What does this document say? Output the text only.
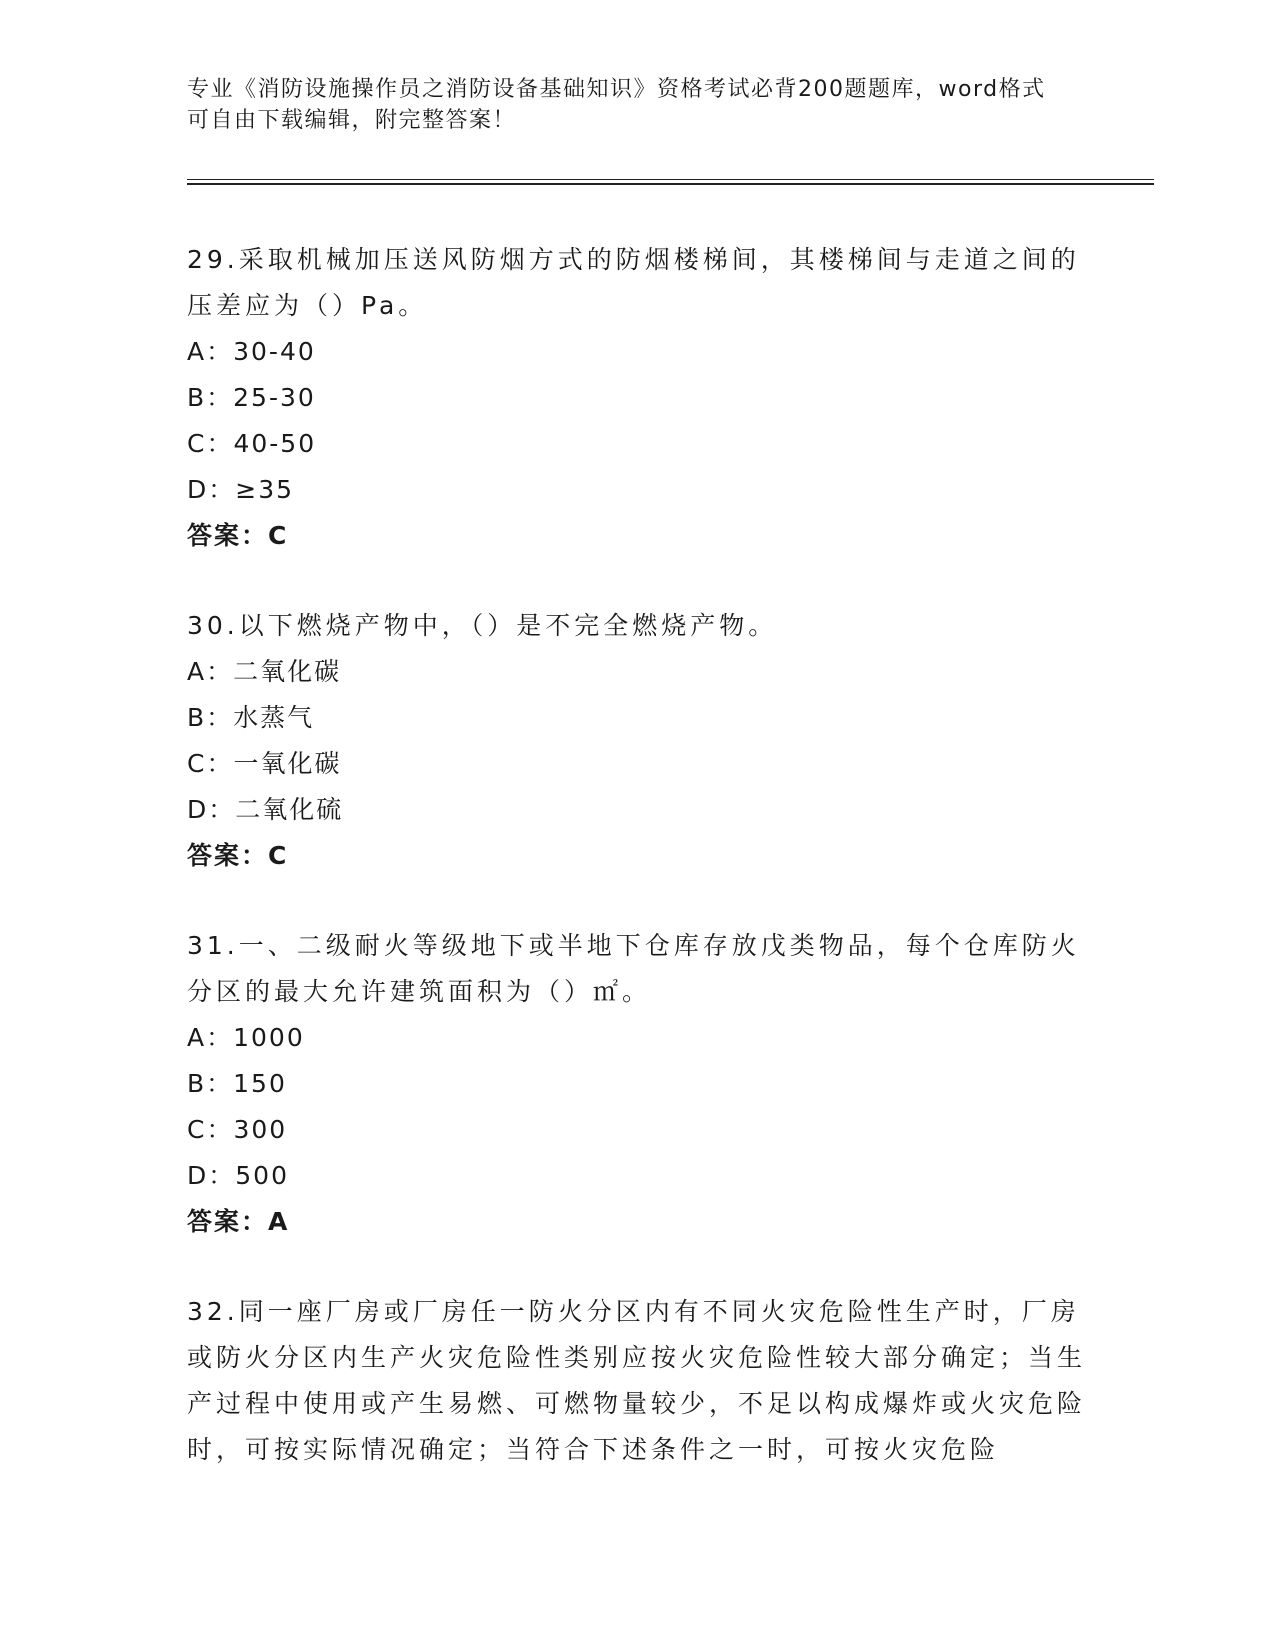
专业《消防设施操作员之消防设备基础知识》资格考试必背200题题库，word格式可自由下载编辑，附完整答案！

29.采取机械加压送风防烟方式的防烟楼梯间，其楼梯间与走道之间的压差应为（）Pa。

A：30-40

B：25-30

C：40-50

D：≥35

答案：C

30.以下燃烧产物中，（）是不完全燃烧产物。

A：二氧化碳

B：水蒸气

C：一氧化碳

D：二氧化硫

答案：C

31.一、二级耐火等级地下或半地下仓库存放戊类物品，每个仓库防火分区的最大允许建筑面积为（）㎡。

A：1000

B：150

C：300

D：500

答案：A

32.同一座厂房或厂房任一防火分区内有不同火灾危险性生产时，厂房或防火分区内生产火灾危险性类别应按火灾危险性较大部分确定；当生产过程中使用或产生易燃、可燃物量较少，不足以构成爆炸或火灾危险时，可按实际情况确定；当符合下述条件之一时，可按火灾危险
